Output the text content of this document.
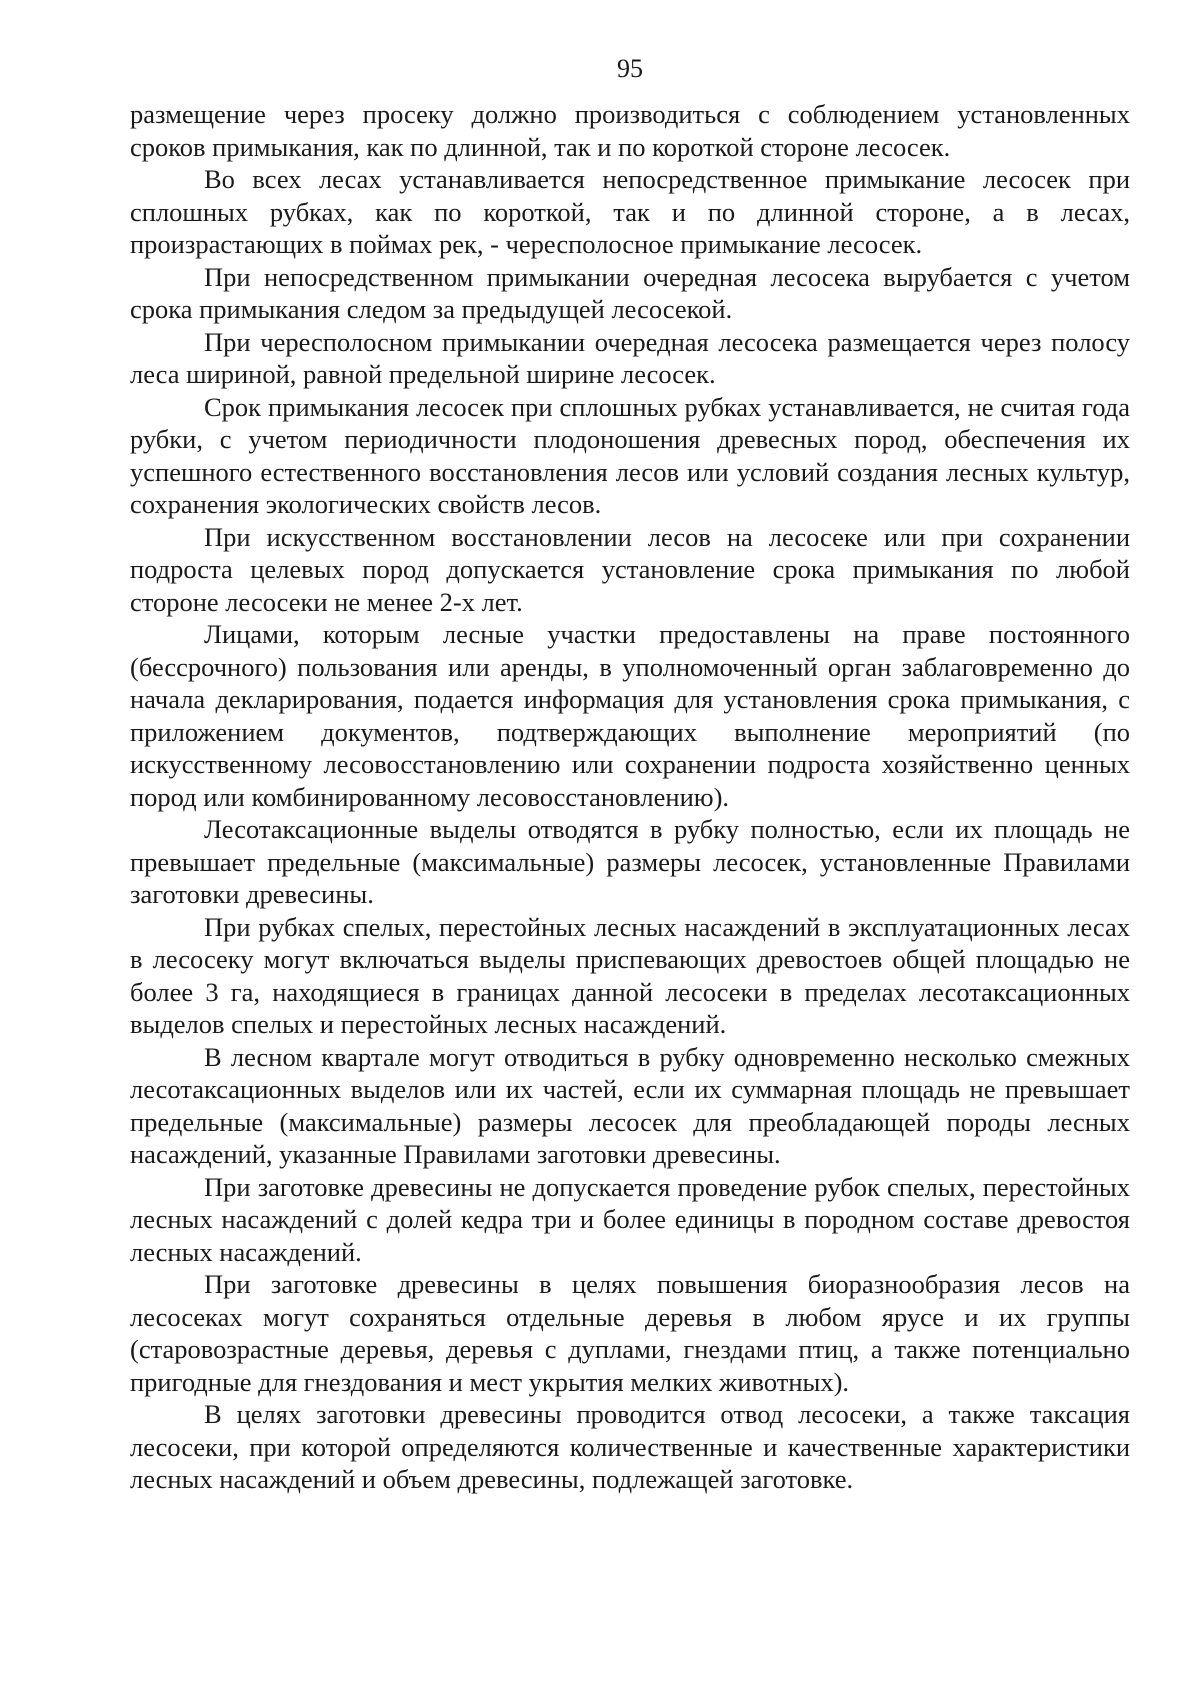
95

размещение через просеку должно производиться с соблюдением установленных сроков примыкания, как по длинной, так и по короткой стороне лесосек.

Во всех лесах устанавливается непосредственное примыкание лесосек при сплошных рубках, как по короткой, так и по длинной стороне, а в лесах, произрастающих в поймах рек, - чересполосное примыкание лесосек.

При непосредственном примыкании очередная лесосека вырубается с учетом срока примыкания следом за предыдущей лесосекой.

При чересполосном примыкании очередная лесосека размещается через полосу леса шириной, равной предельной ширине лесосек.

Срок примыкания лесосек при сплошных рубках устанавливается, не считая года рубки, с учетом периодичности плодоношения древесных пород, обеспечения их успешного естественного восстановления лесов или условий создания лесных культур, сохранения экологических свойств лесов.

При искусственном восстановлении лесов на лесосеке или при сохранении подроста целевых пород допускается установление срока примыкания по любой стороне лесосеки не менее 2-х лет.

Лицами, которым лесные участки предоставлены на праве постоянного (бессрочного) пользования или аренды, в уполномоченный орган заблаговременно до начала декларирования, подается информация для установления срока примыкания, с приложением документов, подтверждающих выполнение мероприятий (по искусственному лесовосстановлению или сохранении подроста хозяйственно ценных пород или комбинированному лесовосстановлению).

Лесотаксационные выделы отводятся в рубку полностью, если их площадь не превышает предельные (максимальные) размеры лесосек, установленные Правилами заготовки древесины.

При рубках спелых, перестойных лесных насаждений в эксплуатационных лесах в лесосеку могут включаться выделы приспевающих древостоев общей площадью не более 3 га, находящиеся в границах данной лесосеки в пределах лесотаксационных выделов спелых и перестойных лесных насаждений.

В лесном квартале могут отводиться в рубку одновременно несколько смежных лесотаксационных выделов или их частей, если их суммарная площадь не превышает предельные (максимальные) размеры лесосек для преобладающей породы лесных насаждений, указанные Правилами заготовки древесины.

При заготовке древесины не допускается проведение рубок спелых, перестойных лесных насаждений с долей кедра три и более единицы в породном составе древостоя лесных насаждений.

При заготовке древесины в целях повышения биоразнообразия лесов на лесосеках могут сохраняться отдельные деревья в любом ярусе и их группы (старовозрастные деревья, деревья с дуплами, гнездами птиц, а также потенциально пригодные для гнездования и мест укрытия мелких животных).

В целях заготовки древесины проводится отвод лесосеки, а также таксация лесосеки, при которой определяются количественные и качественные характеристики лесных насаждений и объем древесины, подлежащей заготовке.
